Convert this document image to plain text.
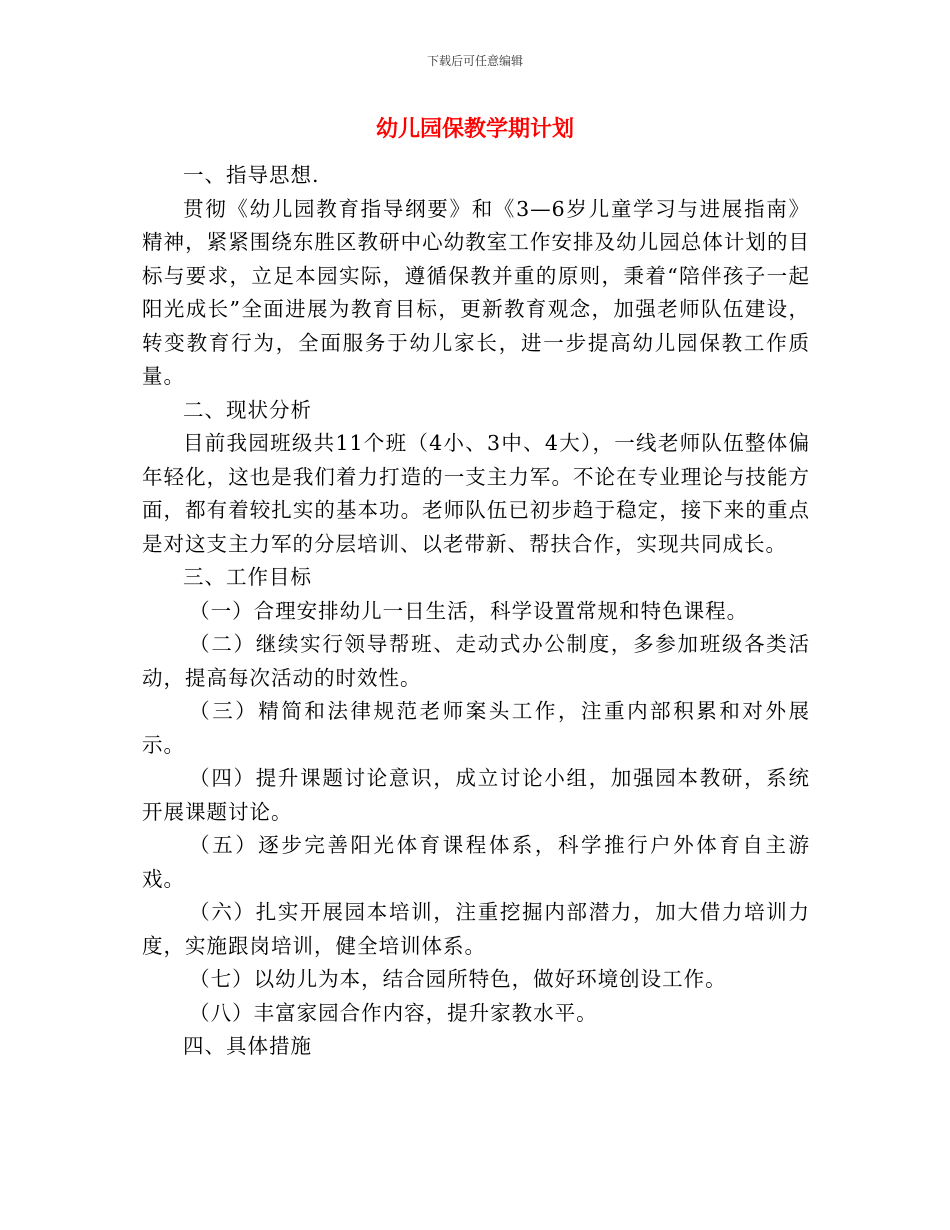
下载后可任意编辑
幼儿园保教学期计划

一、指导思想.

贯彻《幼儿园教育指导纲要》和《3—6岁儿童学习与进展指南》精神，紧紧围绕东胜区教研中心幼教室工作安排及幼儿园总体计划的目标与要求，立足本园实际，遵循保教并重的原则，秉着“陪伴孩子一起阳光成长”全面进展为教育目标，更新教育观念，加强老师队伍建设，转变教育行为，全面服务于幼儿家长，进一步提高幼儿园保教工作质量。

二、现状分析

目前我园班级共11个班（4小、3中、4大），一线老师队伍整体偏年轻化，这也是我们着力打造的一支主力军。不论在专业理论与技能方面，都有着较扎实的基本功。老师队伍已初步趋于稳定，接下来的重点是对这支主力军的分层培训、以老带新、帮扶合作，实现共同成长。

三、工作目标

（一）合理安排幼儿一日生活，科学设置常规和特色课程。

（二）继续实行领导帮班、走动式办公制度，多参加班级各类活动，提高每次活动的时效性。

（三）精简和法律规范老师案头工作，注重内部积累和对外展示。

（四）提升课题讨论意识，成立讨论小组，加强园本教研，系统开展课题讨论。

（五）逐步完善阳光体育课程体系，科学推行户外体育自主游戏。

（六）扎实开展园本培训，注重挖掘内部潜力，加大借力培训力度，实施跟岗培训，健全培训体系。

（七）以幼儿为本，结合园所特色，做好环境创设工作。

（八）丰富家园合作内容，提升家教水平。

四、具体措施
